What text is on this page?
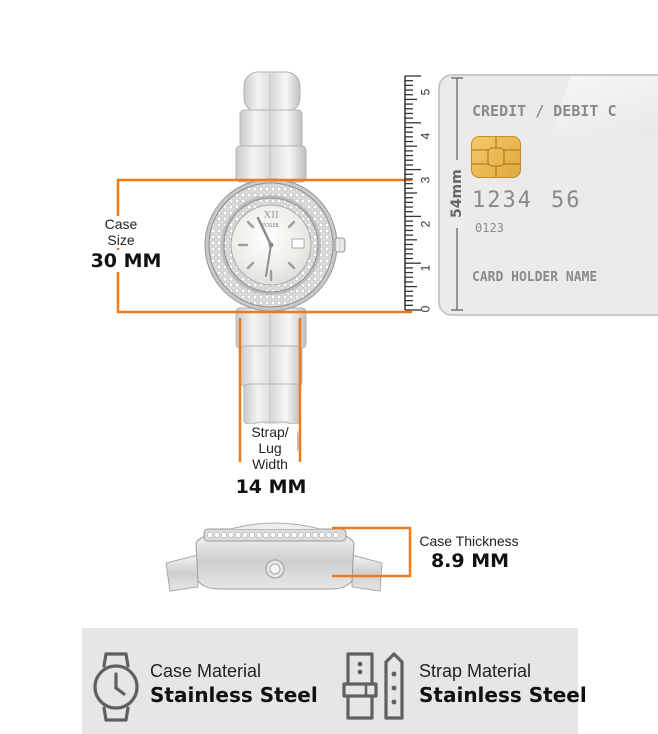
XII
FOSSIL
Case
Size
30 MM
Strap/
Lug
Width
14 MM
0
1
2
3
4
5
CREDIT / DEBIT C
1234 56
0123
CARD HOLDER NAME
54mm
Case Thickness
8.9 MM
Case Material
Stainless Steel
Strap Material
Stainless Steel
